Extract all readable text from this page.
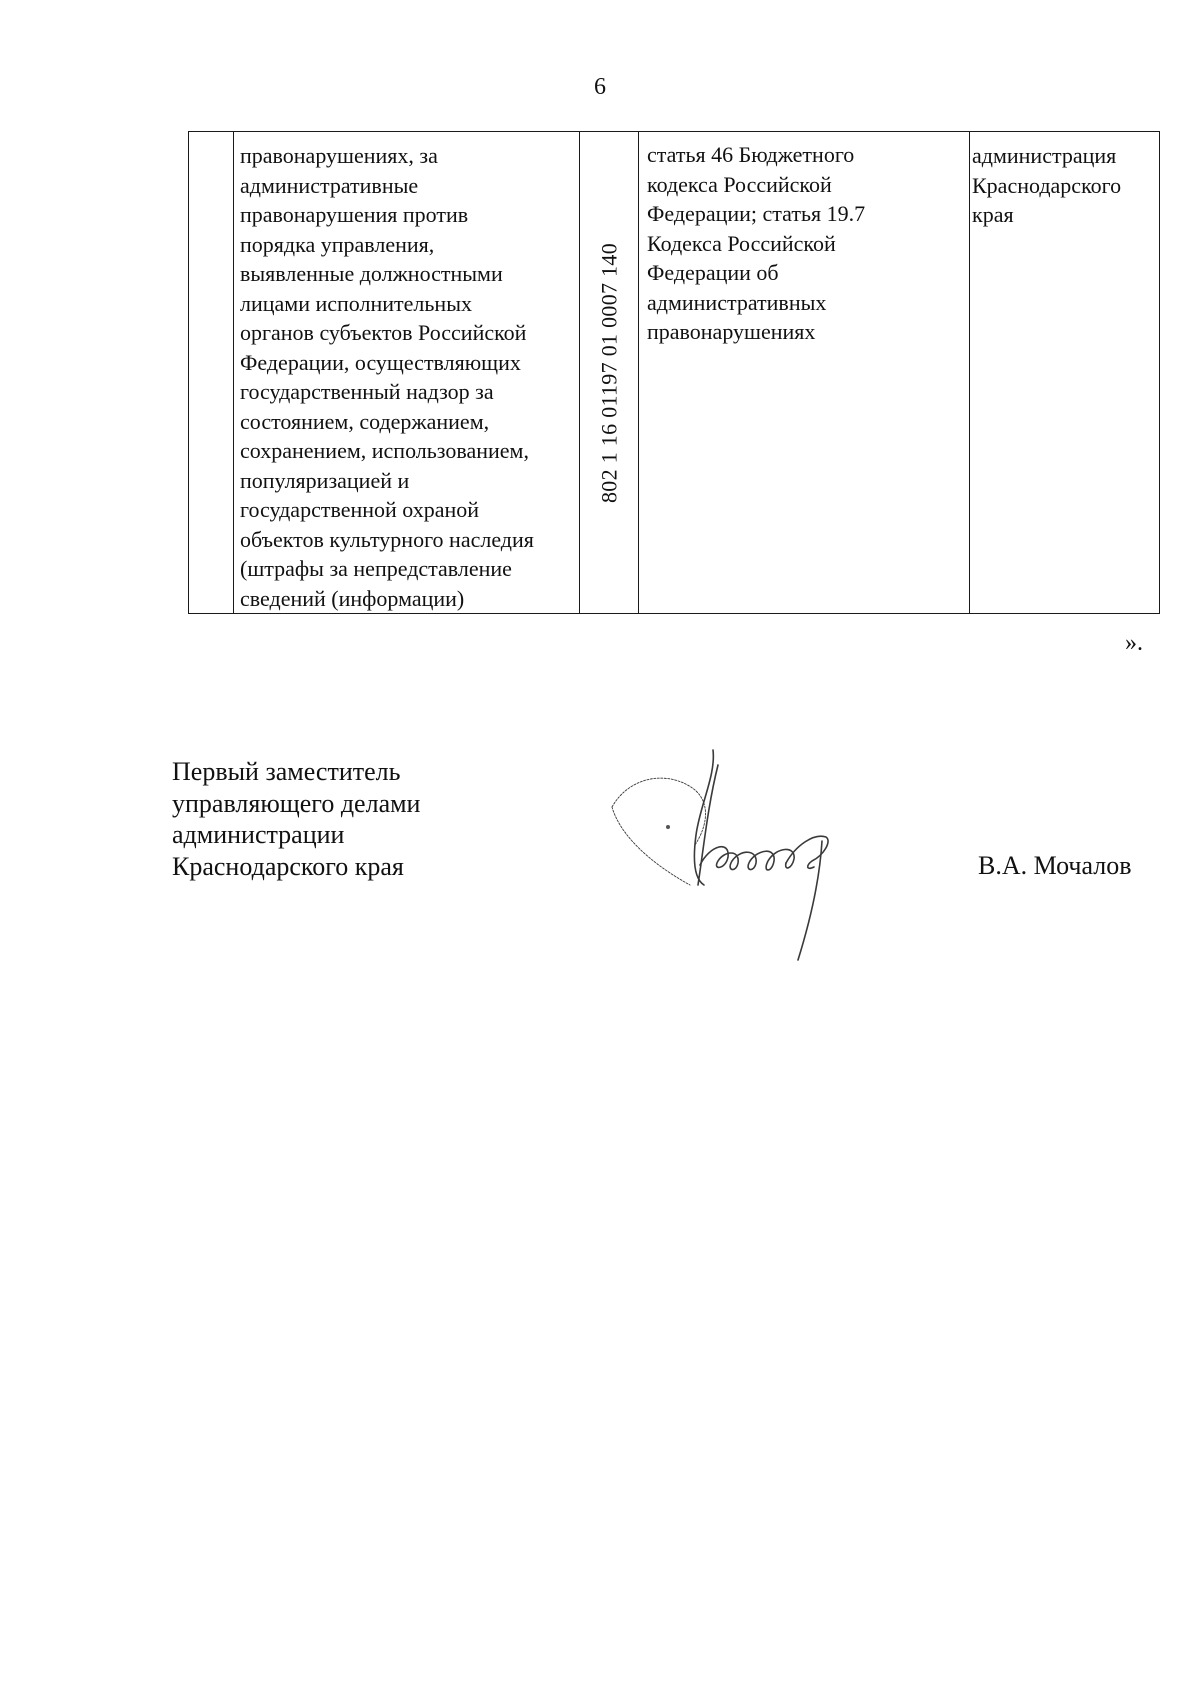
6

правонарушениях, за
административные
правонарушения против
порядка управления,
выявленные должностными
лицами исполнительных
органов субъектов Российской
Федерации, осуществляющих
государственный надзор за
состоянием, содержанием,
сохранением, использованием,
популяризацией и
государственной охраной
объектов культурного наследия
(штрафы за непредставление
сведений (информации)

802 1 16 01197 01 0007 140

статья 46 Бюджетного
кодекса Российской
Федерации; статья 19.7
Кодекса Российской
Федерации об
административных
правонарушениях

администрация
Краснодарского
края
».
Первый заместитель
управляющего делами
администрации
Краснодарского края	В.А. Мочалов
